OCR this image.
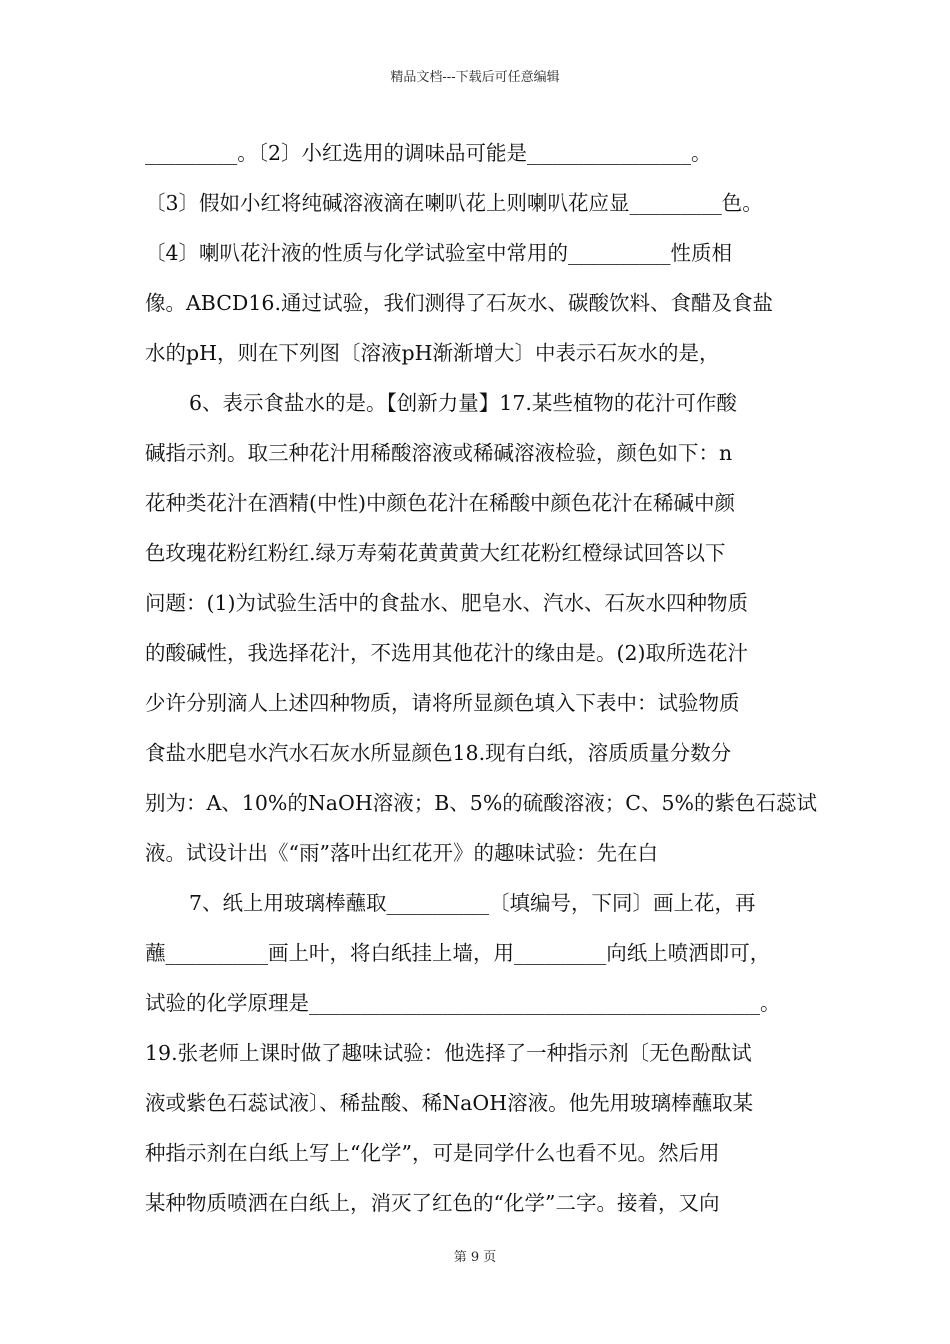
精品文档---下载后可任意编辑
_________。〔2〕小红选用的调味品可能是________________。
〔3〕假如小红将纯碱溶液滴在喇叭花上则喇叭花应显_________色。
〔4〕喇叭花汁液的性质与化学试验室中常用的__________性质相
像。ABCD16.通过试验，我们测得了石灰水、碳酸饮料、食醋及食盐
水的pH，则在下列图〔溶液pH渐渐增大〕中表示石灰水的是，
6、表示食盐水的是。【创新力量】17.某些植物的花汁可作酸
碱指示剂。取三种花汁用稀酸溶液或稀碱溶液检验，颜色如下：n
花种类花汁在酒精(中性)中颜色花汁在稀酸中颜色花汁在稀碱中颜
色玫瑰花粉红粉红.绿万寿菊花黄黄黄大红花粉红橙绿试回答以下
问题：(1)为试验生活中的食盐水、肥皂水、汽水、石灰水四种物质
的酸碱性，我选择花汁，不选用其他花汁的缘由是。(2)取所选花汁
少许分别滴人上述四种物质，请将所显颜色填入下表中：试验物质
食盐水肥皂水汽水石灰水所显颜色18.现有白纸，溶质质量分数分
别为：A、10%的NaOH溶液；B、5%的硫酸溶液；C、5%的紫色石蕊试
液。试设计出《“雨”落叶出红花开》的趣味试验：先在白
7、纸上用玻璃棒蘸取__________〔填编号，下同〕画上花，再
蘸__________画上叶，将白纸挂上墙，用_________向纸上喷洒即可，
试验的化学原理是____________________________________________。
19.张老师上课时做了趣味试验：他选择了一种指示剂〔无色酚酞试
液或紫色石蕊试液〕、稀盐酸、稀NaOH溶液。他先用玻璃棒蘸取某
种指示剂在白纸上写上“化学”，可是同学什么也看不见。然后用
某种物质喷洒在白纸上，消灭了红色的“化学”二字。接着，又向
第 9 页
